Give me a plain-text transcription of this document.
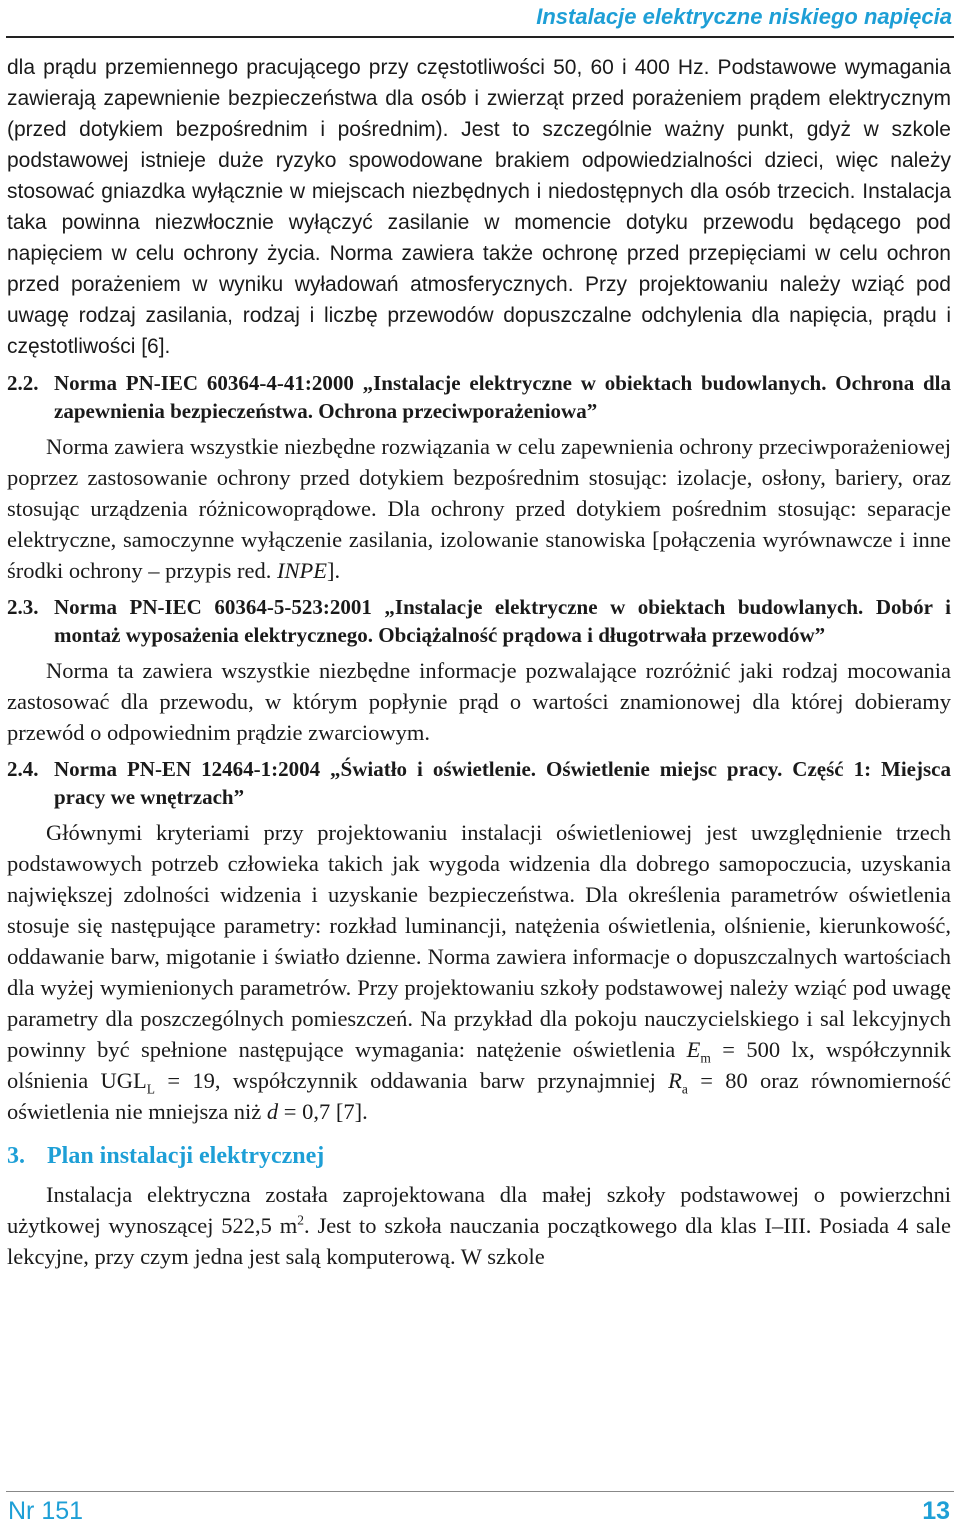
Instalacje elektryczne niskiego napięcia

dla prądu przemiennego pracującego przy częstotliwości 50, 60 i 400 Hz. Podstawowe wymagania zawierają zapewnienie bezpieczeństwa dla osób i zwierząt przed porażeniem prądem elektrycznym (przed dotykiem bezpośrednim i pośrednim). Jest to szczególnie ważny punkt, gdyż w szkole podstawowej istnieje duże ryzyko spowodowane brakiem odpowiedzialności dzieci, więc należy stosować gniazdka wyłącznie w miejscach niezbędnych i niedostępnych dla osób trzecich. Instalacja taka powinna niezwłocznie wyłączyć zasilanie w momencie dotyku przewodu będącego pod napięciem w celu ochrony życia. Norma zawiera także ochronę przed przepięciami w celu ochron przed porażeniem w wyniku wyładowań atmosferycznych. Przy projektowaniu należy wziąć pod uwagę rodzaj zasilania, rodzaj i liczbę przewodów dopuszczalne odchylenia dla napięcia, prądu i częstotliwości [6].

2.2. Norma PN-IEC 60364-4-41:2000 „Instalacje elektryczne w obiektach budowlanych. Ochrona dla zapewnienia bezpieczeństwa. Ochrona przeciwporażeniowa”

Norma zawiera wszystkie niezbędne rozwiązania w celu zapewnienia ochrony przeciwporażeniowej poprzez zastosowanie ochrony przed dotykiem bezpośrednim stosując: izolacje, osłony, bariery, oraz stosując urządzenia różnicowoprądowe. Dla ochrony przed dotykiem pośrednim stosując: separacje elektryczne, samoczynne wyłączenie zasilania, izolowanie stanowiska [połączenia wyrównawcze i inne środki ochrony – przypis red. INPE].

2.3. Norma PN-IEC 60364-5-523:2001 „Instalacje elektryczne w obiektach budowlanych. Dobór i montaż wyposażenia elektrycznego. Obciążalność prądowa i długotrwała przewodów”

Norma ta zawiera wszystkie niezbędne informacje pozwalające rozróżnić jaki rodzaj mocowania zastosować dla przewodu, w którym popłynie prąd o wartości znamionowej dla której dobieramy przewód o odpowiednim prądzie zwarciowym.

2.4. Norma PN-EN 12464-1:2004 „Światło i oświetlenie. Oświetlenie miejsc pracy. Część 1: Miejsca pracy we wnętrzach”

Głównymi kryteriami przy projektowaniu instalacji oświetleniowej jest uwzględnienie trzech podstawowych potrzeb człowieka takich jak wygoda widzenia dla dobrego samopoczucia, uzyskania największej zdolności widzenia i uzyskanie bezpieczeństwa. Dla określenia parametrów oświetlenia stosuje się następujące parametry: rozkład luminancji, natężenia oświetlenia, olśnienie, kierunkowość, oddawanie barw, migotanie i światło dzienne. Norma zawiera informacje o dopuszczalnych wartościach dla wyżej wymienionych parametrów. Przy projektowaniu szkoły podstawowej należy wziąć pod uwagę parametry dla poszczególnych pomieszczeń. Na przykład dla pokoju nauczycielskiego i sal lekcyjnych powinny być spełnione następujące wymagania: natężenie oświetlenia $E_m = 500$ lx, współczynnik olśnienia $UGL_L = 19$, współczynnik oddawania barw przynajmniej $R_a = 80$ oraz równomierność oświetlenia nie mniejsza niż d = 0,7 [7].

3. Plan instalacji elektrycznej

Instalacja elektryczna została zaprojektowana dla małej szkoły podstawowej o powierzchni użytkowej wynoszącej 522,5 $m^2$. Jest to szkoła nauczania początkowego dla klas I–III. Posiada 4 sale lekcyjne, przy czym jedna jest salą komputerową. W szkole

Nr 151	13
